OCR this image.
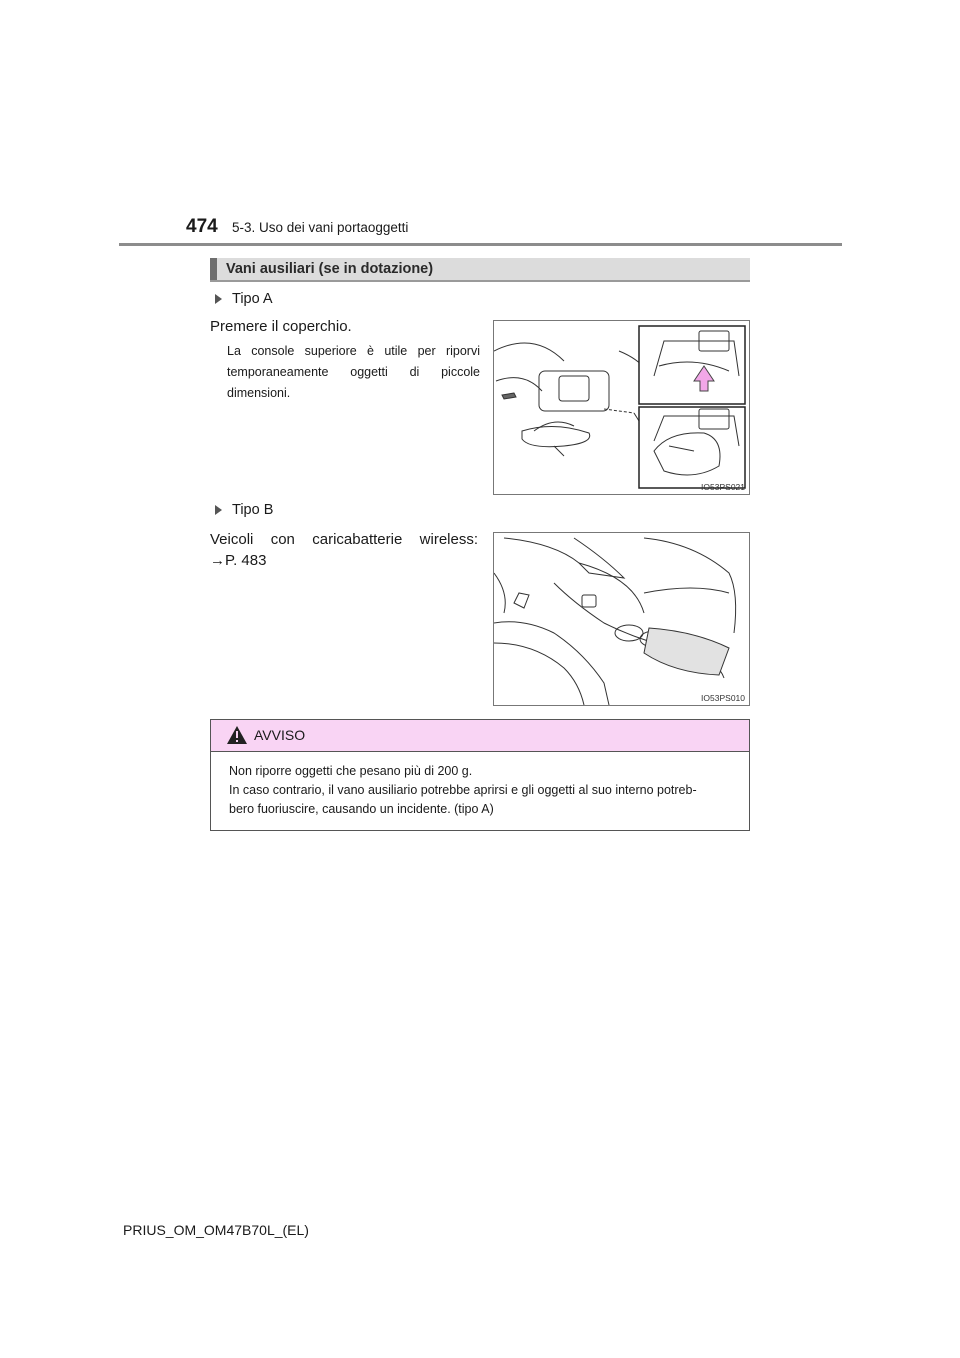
474 5-3. Uso dei vani portaoggetti
Vani ausiliari (se in dotazione)
Tipo A
Premere il coperchio.
La console superiore è utile per riporvi temporaneamente oggetti di piccole dimensioni.
IO53PS021
Tipo B
Veicoli con caricabatterie wireless:
→P. 483
IO53PS010
AVVISO
Non riporre oggetti che pesano più di 200 g.
In caso contrario, il vano ausiliario potrebbe aprirsi e gli oggetti al suo interno potreb-
bero fuoriuscire, causando un incidente. (tipo A)
PRIUS_OM_OM47B70L_(EL)
